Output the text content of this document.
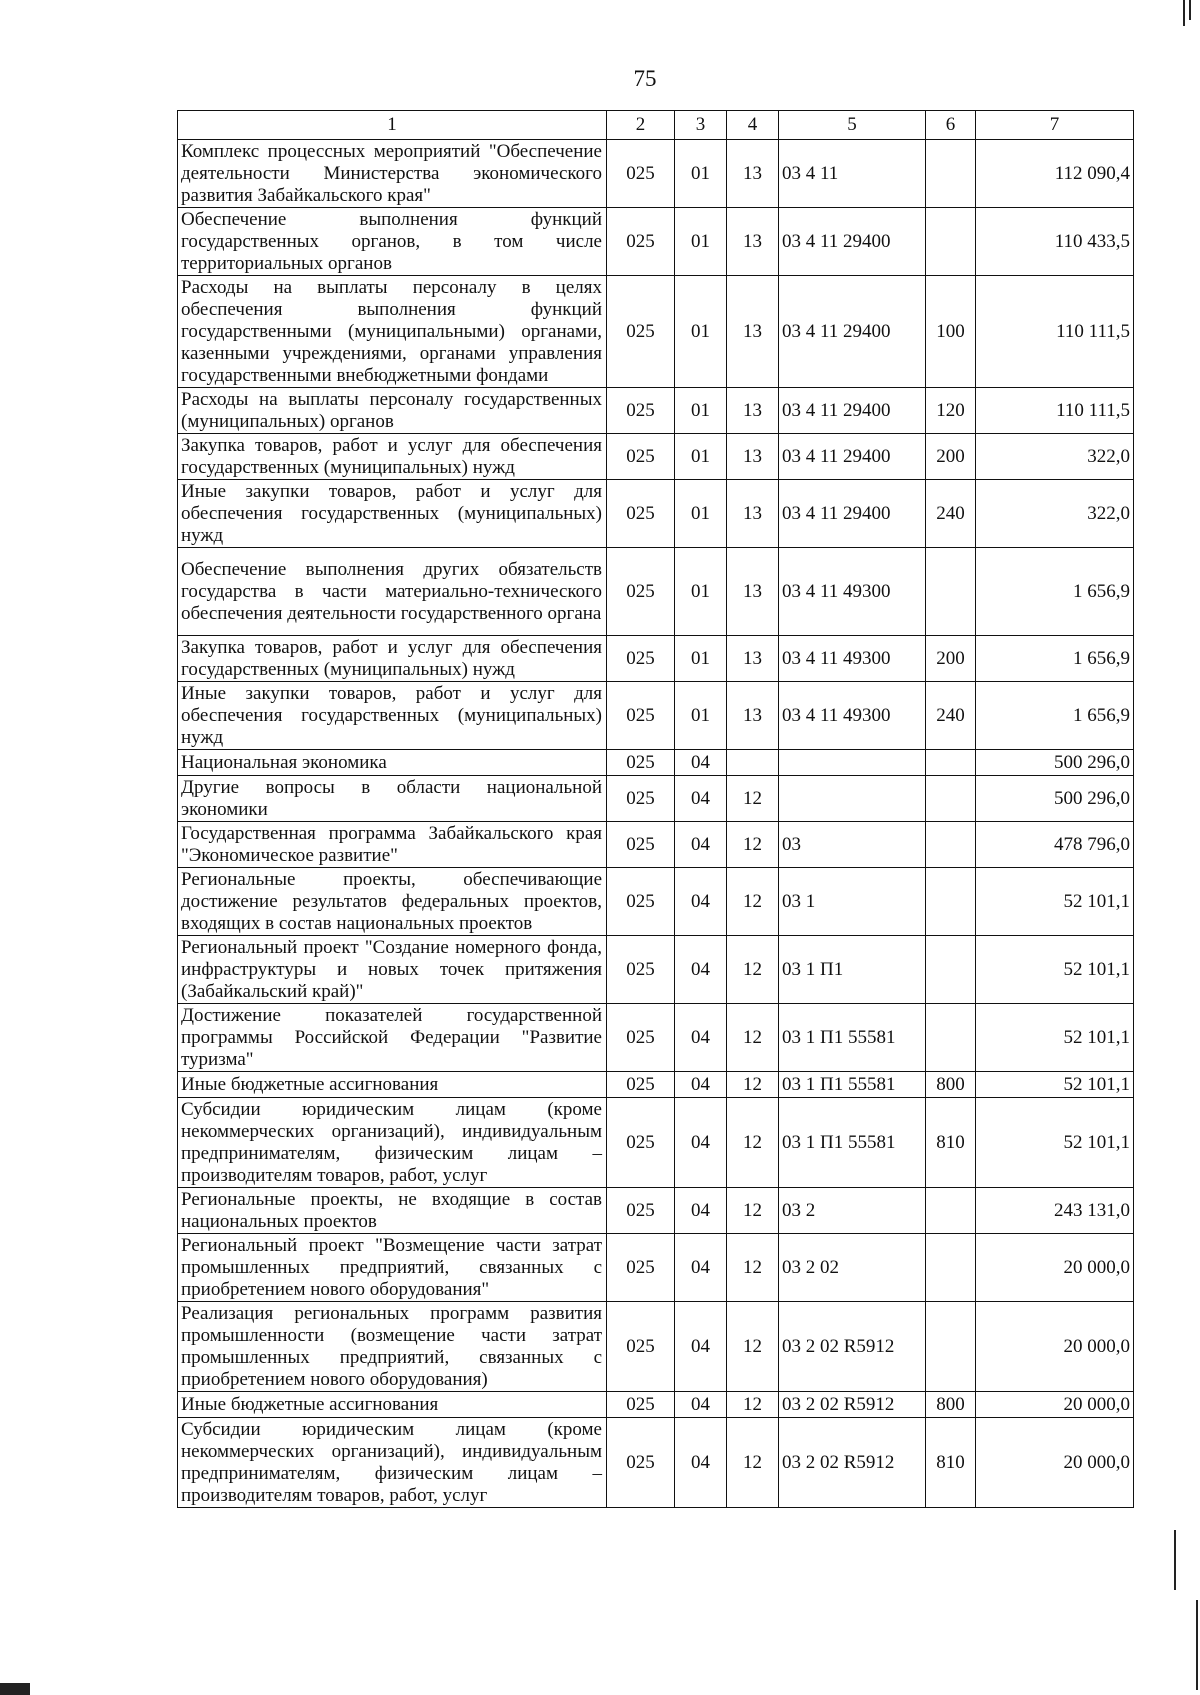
75
1	2	3	4	5	6	7
Комплекс процессных мероприятий "Обеспечение деятельности Министерства экономического развития Забайкальского края"	025	01	13	03 4 11		112 090,4
Обеспечение выполнения функций государственных органов, в том числе территориальных органов	025	01	13	03 4 11 29400		110 433,5
Расходы на выплаты персоналу в целях обеспечения выполнения функций государственными (муниципальными) органами, казенными учреждениями, органами управления государственными внебюджетными фондами	025	01	13	03 4 11 29400	100	110 111,5
Расходы на выплаты персоналу государственных (муниципальных) органов	025	01	13	03 4 11 29400	120	110 111,5
Закупка товаров, работ и услуг для обеспечения государственных (муниципальных) нужд	025	01	13	03 4 11 29400	200	322,0
Иные закупки товаров, работ и услуг для обеспечения государственных (муниципальных) нужд	025	01	13	03 4 11 29400	240	322,0
Обеспечение выполнения других обязательств государства в части материально-технического обеспечения деятельности государственного органа	025	01	13	03 4 11 49300		1 656,9
Закупка товаров, работ и услуг для обеспечения государственных (муниципальных) нужд	025	01	13	03 4 11 49300	200	1 656,9
Иные закупки товаров, работ и услуг для обеспечения государственных (муниципальных) нужд	025	01	13	03 4 11 49300	240	1 656,9
Национальная экономика	025	04				500 296,0
Другие вопросы в области национальной экономики	025	04	12			500 296,0
Государственная программа Забайкальского края "Экономическое развитие"	025	04	12	03		478 796,0
Региональные проекты, обеспечивающие достижение результатов федеральных проектов, входящих в состав национальных проектов	025	04	12	03 1		52 101,1
Региональный проект "Создание номерного фонда, инфраструктуры и новых точек притяжения (Забайкальский край)"	025	04	12	03 1 П1		52 101,1
Достижение показателей государственной программы Российской Федерации "Развитие туризма"	025	04	12	03 1 П1 55581		52 101,1
Иные бюджетные ассигнования	025	04	12	03 1 П1 55581	800	52 101,1
Субсидии юридическим лицам (кроме некоммерческих организаций), индивидуальным предпринимателям, физическим лицам – производителям товаров, работ, услуг	025	04	12	03 1 П1 55581	810	52 101,1
Региональные проекты, не входящие в состав национальных проектов	025	04	12	03 2		243 131,0
Региональный проект "Возмещение части затрат промышленных предприятий, связанных с приобретением нового оборудования"	025	04	12	03 2 02		20 000,0
Реализация региональных программ развития промышленности (возмещение части затрат промышленных предприятий, связанных с приобретением нового оборудования)	025	04	12	03 2 02 R5912		20 000,0
Иные бюджетные ассигнования	025	04	12	03 2 02 R5912	800	20 000,0
Субсидии юридическим лицам (кроме некоммерческих организаций), индивидуальным предпринимателям, физическим лицам – производителям товаров, работ, услуг	025	04	12	03 2 02 R5912	810	20 000,0
